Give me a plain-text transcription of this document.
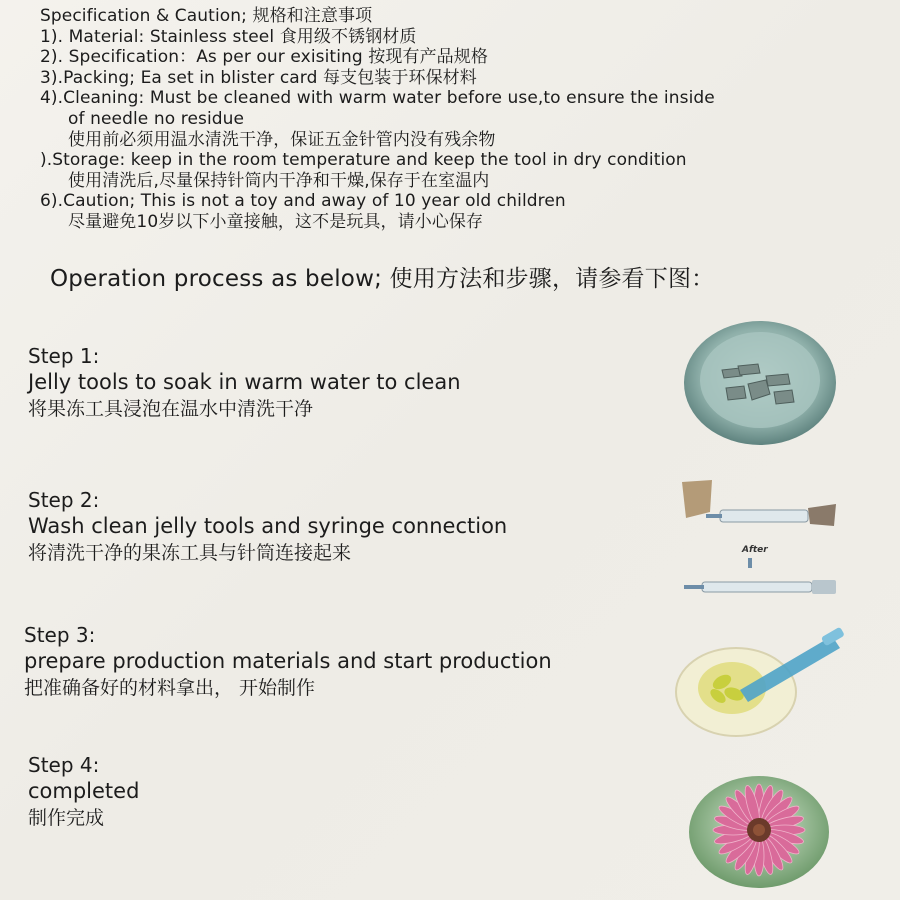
Specification & Caution; 规格和注意事项
1). Material: Stainless steel 食用级不锈钢材质
2). Specification：As per our exisiting 按现有产品规格
3).Packing; Ea set in blister card 每支包装于环保材料
4).Cleaning: Must be cleaned with warm water before use,to ensure the inside
of needle no residue
使用前必须用温水清洗干净，保证五金针管内没有残余物
).Storage: keep in the room temperature and keep the tool in dry condition
使用清洗后,尽量保持针筒内干净和干燥,保存于在室温内
6).Caution; This is not a toy and away of 10 year old children
尽量避免10岁以下小童接触，这不是玩具，请小心保存
Operation process as below; 使用方法和步骤，请参看下图：
Step 1:
Jelly tools to soak in warm water to clean
将果冻工具浸泡在温水中清洗干净
Step 2:
Wash clean jelly tools and syringe connection
将清洗干净的果冻工具与针筒连接起来
Step 3:
prepare production materials and start production
把准确备好的材料拿出， 开始制作
Step 4:
completed
制作完成
After
